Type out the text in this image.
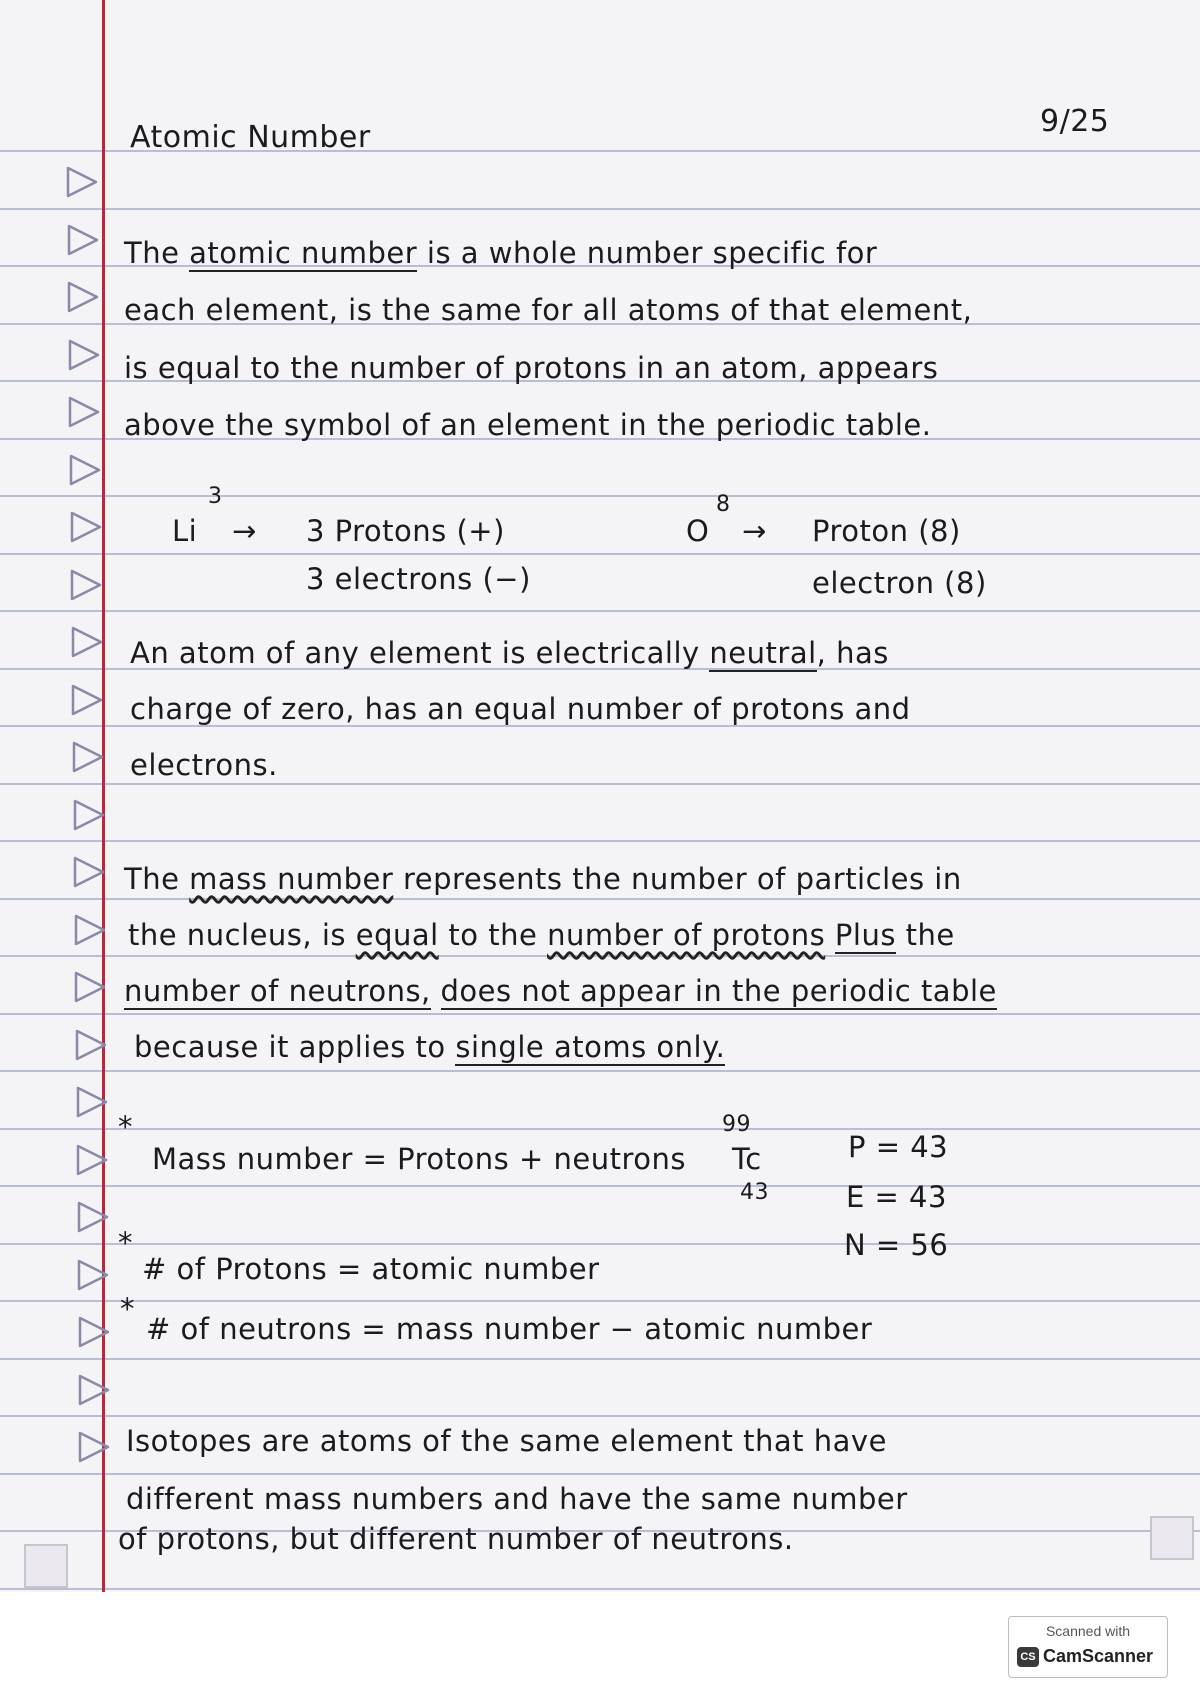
Atomic Number	9/25
The atomic number is a whole number specific for
each element, is the same for all atoms of that element,
is equal to the number of protons in an atom, appears
above the symbol of an element in the periodic table.
3
Li → 3 Protons (+)
3 electrons (−)
8
O → Proton (8)
electron (8)
An atom of any element is electrically neutral, has
charge of zero, has an equal number of protons and
electrons.
The mass number represents the number of particles in
the nucleus, is equal to the number of protons Plus the
number of neutrons, does not appear in the periodic table
because it applies to single atoms only.
*
Mass number = Protons + neutrons
99
Tc
43
P = 43
E = 43
N = 56
*
# of Protons = atomic number
*
# of neutrons = mass number − atomic number
Isotopes are atoms of the same element that have
different mass numbers and have the same number
of protons, but different number of neutrons.
Scanned with
CS CamScanner
